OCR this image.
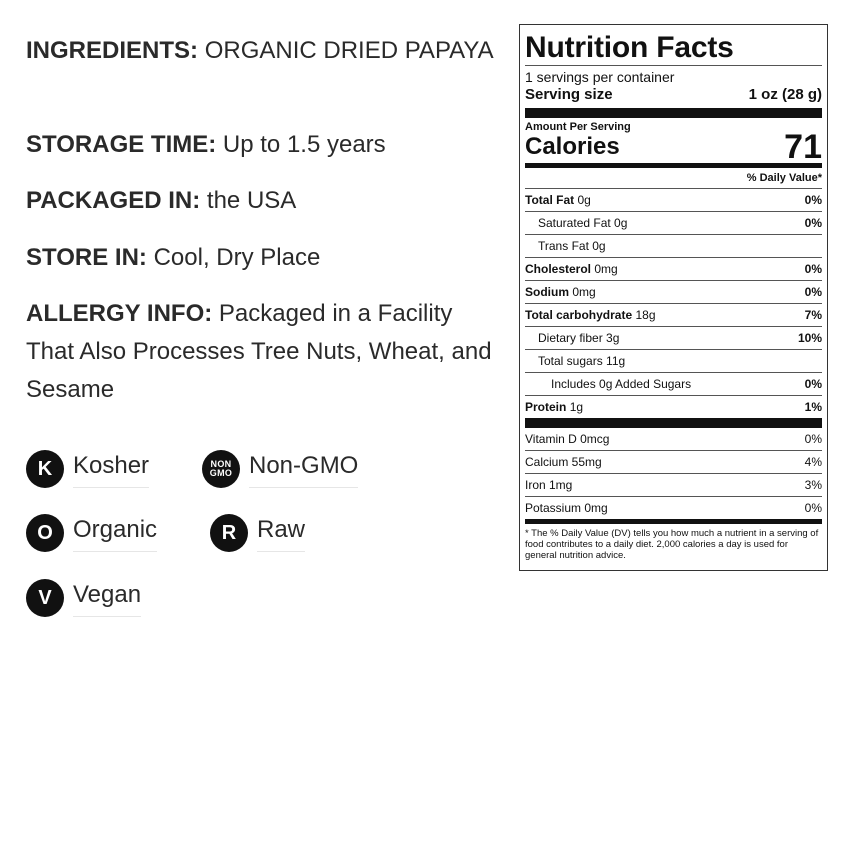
INGREDIENTS: ORGANIC DRIED PAPAYA

STORAGE TIME: Up to 1.5 years

PACKAGED IN: the USA

STORE IN: Cool, Dry Place

ALLERGY INFO: Packaged in a Facility That Also Processes Tree Nuts, Wheat, and Sesame

K Kosher	NON
GMO Non-GMO
O Organic	R Raw
V Vegan
Nutrition Facts
1 servings per container
Serving size	1 oz (28 g)
Amount Per Serving
Calories	71
% Daily Value*
Total Fat 0g	0%
Saturated Fat 0g	0%
Trans Fat 0g
Cholesterol 0mg	0%
Sodium 0mg	0%
Total carbohydrate 18g	7%
Dietary fiber 3g	10%
Total sugars 11g
Includes 0g Added Sugars	0%
Protein 1g	1%
Vitamin D 0mcg	0%
Calcium 55mg	4%
Iron 1mg	3%
Potassium 0mg	0%
* The % Daily Value (DV) tells you how much a nutrient in a serving of food contributes to a daily diet. 2,000 calories a day is used for general nutrition advice.
